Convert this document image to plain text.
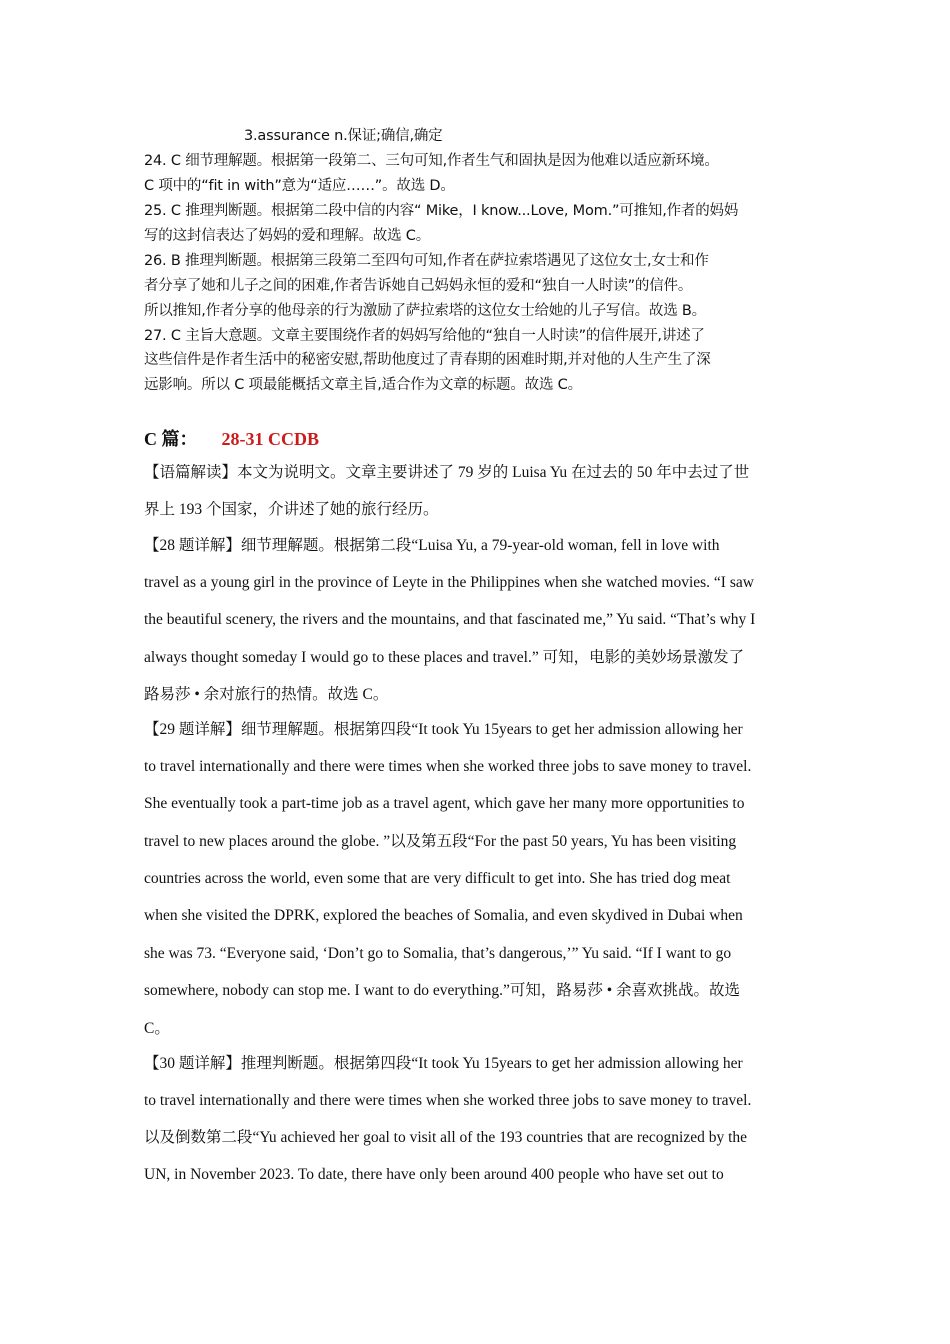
3.assurance n.保证;确信,确定
24. C 细节理解题。根据第一段第二、三句可知,作者生气和固执是因为他难以适应新环境。
C 项中的“fit in with”意为“适应……”。故选 D。
25. C 推理判断题。根据第二段中信的内容“ Mike，I know...Love, Mom.”可推知,作者的妈妈
写的这封信表达了妈妈的爱和理解。故选 C。
26. B 推理判断题。根据第三段第二至四句可知,作者在萨拉索塔遇见了这位女士,女士和作
者分享了她和儿子之间的困难,作者告诉她自己妈妈永恒的爱和“独自一人时读”的信件。
所以推知,作者分享的他母亲的行为激励了萨拉索塔的这位女士给她的儿子写信。故选 B。
27. C 主旨大意题。文章主要围绕作者的妈妈写给他的“独自一人时读”的信件展开,讲述了
这些信件是作者生活中的秘密安慰,帮助他度过了青春期的困难时期,并对他的人生产生了深
远影响。所以 C 项最能概括文章主旨,适合作为文章的标题。故选 C。
C 篇： 28-31 CCDB
【语篇解读】本文为说明文。文章主要讲述了 79 岁的 Luisa Yu 在过去的 50 年中去过了世
界上 193 个国家，介讲述了她的旅行经历。
【28 题详解】细节理解题。根据第二段“Luisa Yu, a 79-year-old woman, fell in love with
travel as a young girl in the province of Leyte in the Philippines when she watched movies. “I saw
the beautiful scenery, the rivers and the mountains, and that fascinated me,” Yu said. “That’s why I
always thought someday I would go to these places and travel.” 可知，电影的美妙场景激发了
路易莎 • 余对旅行的热情。故选 C。
【29 题详解】细节理解题。根据第四段“It took Yu 15years to get her admission allowing her
to travel internationally and there were times when she worked three jobs to save money to travel.
She eventually took a part-time job as a travel agent, which gave her many more opportunities to
travel to new places around the globe. ”以及第五段“For the past 50 years, Yu has been visiting
countries across the world, even some that are very difficult to get into. She has tried dog meat
when she visited the DPRK, explored the beaches of Somalia, and even skydived in Dubai when
she was 73. “Everyone said, ‘Don’t go to Somalia, that’s dangerous,’” Yu said. “If I want to go
somewhere, nobody can stop me. I want to do everything.”可知，路易莎 • 余喜欢挑战。故选
C。
【30 题详解】推理判断题。根据第四段“It took Yu 15years to get her admission allowing her
to travel internationally and there were times when she worked three jobs to save money to travel.
以及倒数第二段“Yu achieved her goal to visit all of the 193 countries that are recognized by the
UN, in November 2023. To date, there have only been around 400 people who have set out to
